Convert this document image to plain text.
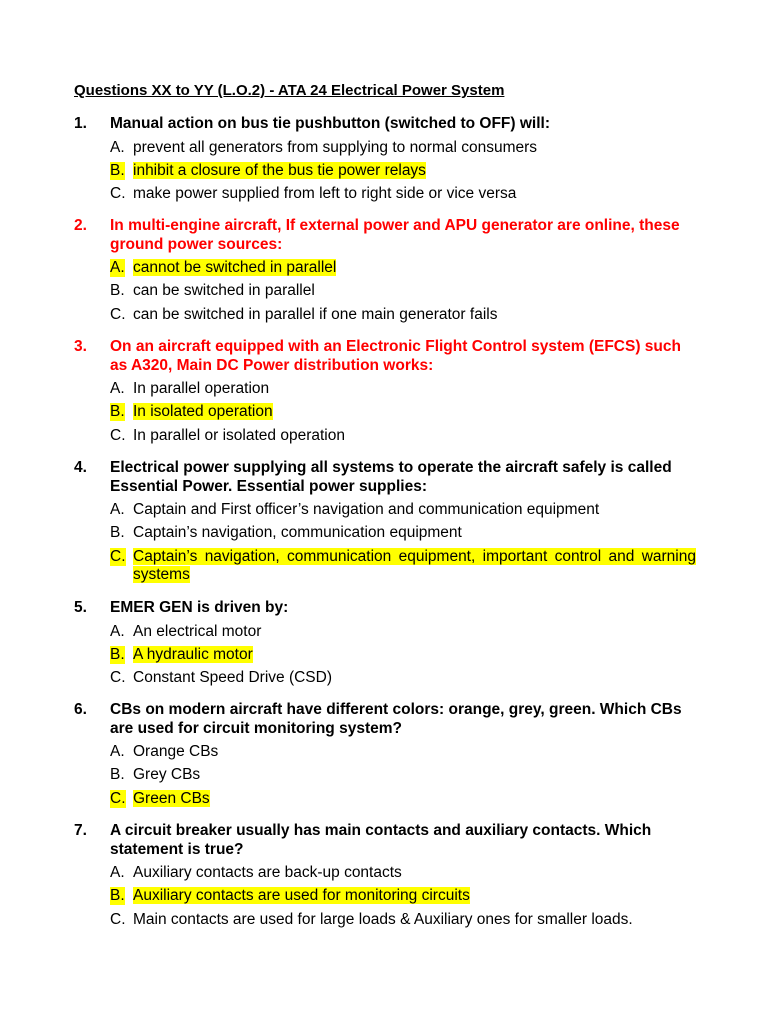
Questions XX to YY (L.O.2) - ATA 24 Electrical Power System
1. Manual action on bus tie pushbutton (switched to OFF) will:
A. prevent all generators from supplying to normal consumers
B. inhibit a closure of the bus tie power relays
C. make power supplied from left to right side or vice versa
2. In multi-engine aircraft, If external power and APU generator are online, these ground power sources:
A. cannot be switched in parallel
B. can be switched in parallel
C. can be switched in parallel if one main generator fails
3. On an aircraft equipped with an Electronic Flight Control system (EFCS) such as A320, Main DC Power distribution works:
A. In parallel operation
B. In isolated operation
C. In parallel or isolated operation
4. Electrical power supplying all systems to operate the aircraft safely is called Essential Power. Essential power supplies:
A. Captain and First officer’s navigation and communication equipment
B. Captain’s navigation, communication equipment
C. Captain’s navigation, communication equipment, important control and warning systems
5. EMER GEN is driven by:
A. An electrical motor
B. A hydraulic motor
C. Constant Speed Drive (CSD)
6. CBs on modern aircraft have different colors: orange, grey, green. Which CBs are used for circuit monitoring system?
A. Orange CBs
B. Grey CBs
C. Green CBs
7. A circuit breaker usually has main contacts and auxiliary contacts. Which statement is true?
A. Auxiliary contacts are back-up contacts
B. Auxiliary contacts are used for monitoring circuits
C. Main contacts are used for large loads & Auxiliary ones for smaller loads.
